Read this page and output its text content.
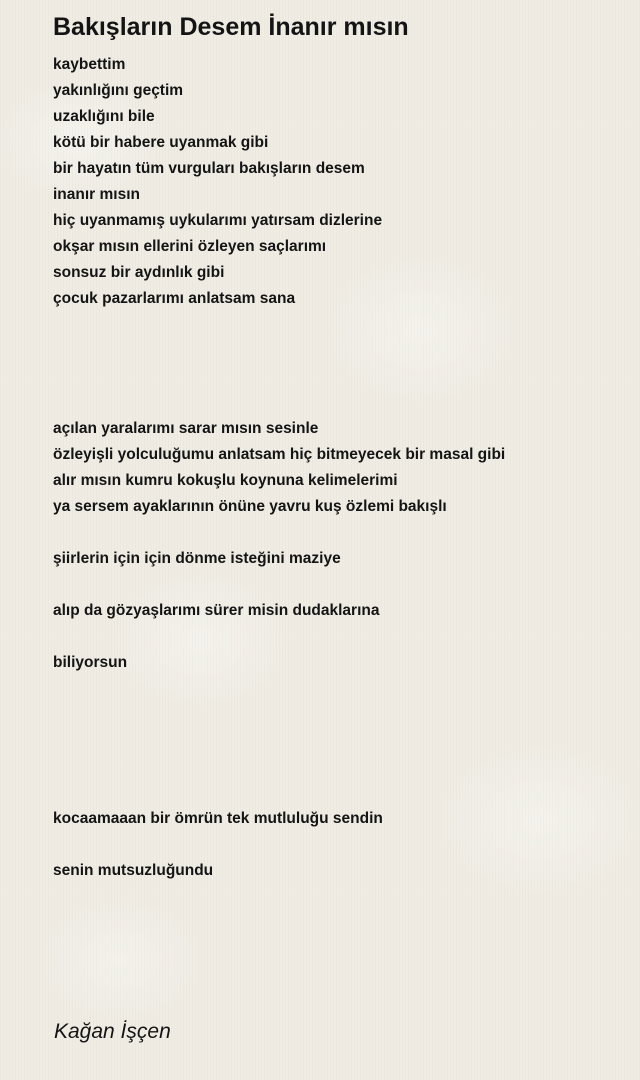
Bakışların Desem İnanır mısın
kaybettim
yakınlığını geçtim
uzaklığını bile
kötü bir habere uyanmak gibi
bir hayatın tüm vurguları bakışların desem
inanır mısın
hiç uyanmamış uykularımı yatırsam dizlerine
okşar mısın ellerini özleyen saçlarımı
sonsuz bir aydınlık gibi
çocuk pazarlarımı anlatsam sana
açılan yaralarımı sarar mısın sesinle
özleyişli yolculuğumu anlatsam hiç bitmeyecek bir masal gibi
alır mısın kumru kokuşlu koynuna kelimelerimi
ya sersem ayaklarının önüne yavru kuş özlemi bakışlı
şiirlerin için için dönme isteğini maziye
alıp da gözyaşlarımı sürer misin dudaklarına
biliyorsun
kocaamaaan bir ömrün tek mutluluğu sendin
senin mutsuzluğundu
Kağan İşçen
